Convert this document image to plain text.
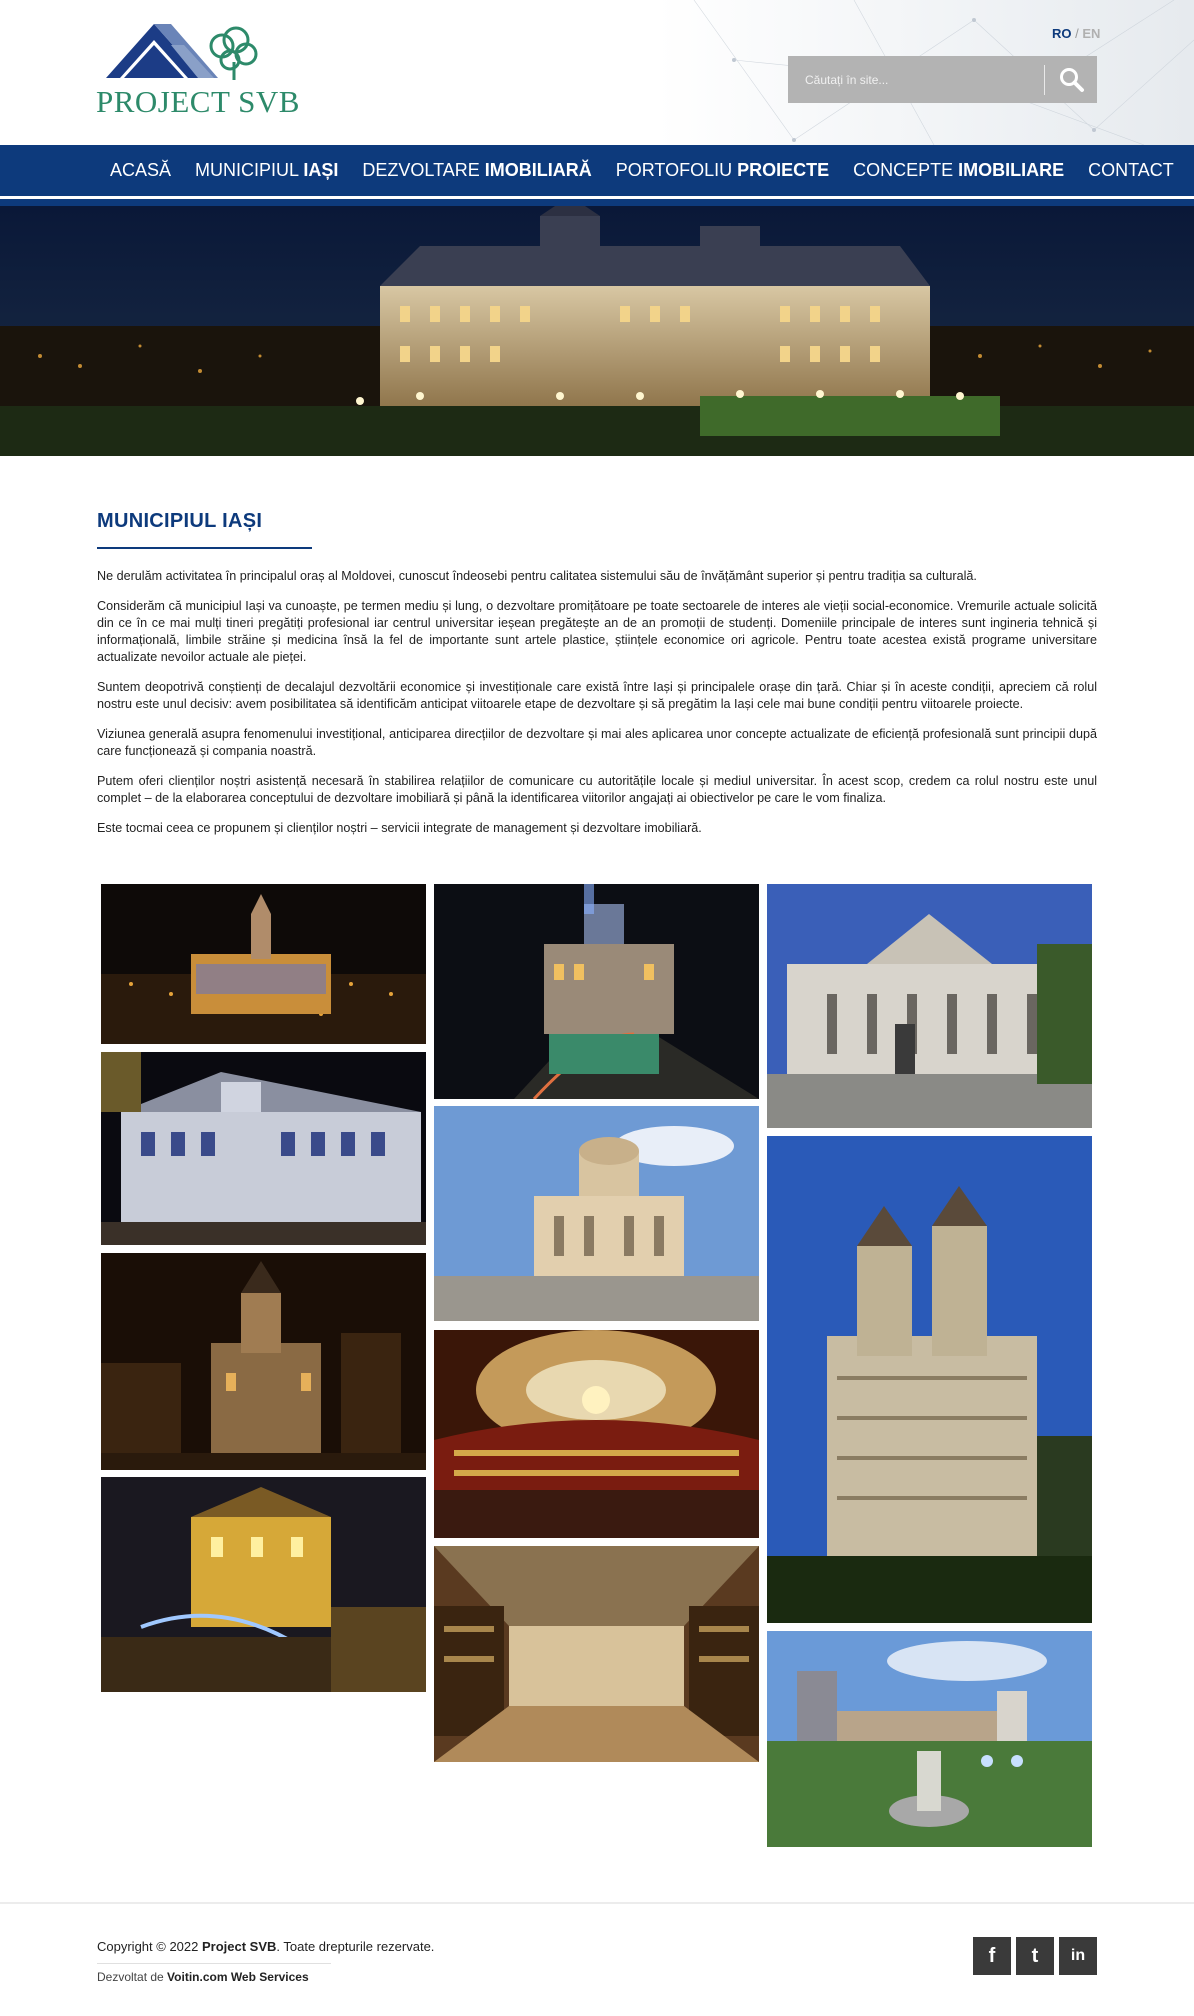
PROJECT SVB
RO / EN
Căutați în site...
ACASĂ MUNICIPIUL IAȘI DEZVOLTARE IMOBILIARĂ PORTOFOLIU PROIECTE CONCEPTE IMOBILIARE CONTACT
MUNICIPIUL IAȘI

Ne derulăm activitatea în principalul oraș al Moldovei, cunoscut îndeosebi pentru calitatea sistemului său de învățământ superior și pentru tradiția sa culturală.

Considerăm că municipiul Iași va cunoaște, pe termen mediu și lung, o dezvoltare promițătoare pe toate sectoarele de interes ale vieții social-economice. Vremurile actuale solicită din ce în ce mai mulți tineri pregătiți profesional iar centrul universitar ieșean pregătește an de an promoții de studenți. Domeniile principale de interes sunt ingineria tehnică și informațională, limbile străine și medicina însă la fel de importante sunt artele plastice, științele economice ori agricole. Pentru toate acestea există programe universitare actualizate nevoilor actuale ale pieței.

Suntem deopotrivă conștienți de decalajul dezvoltării economice și investiționale care există între Iași și principalele orașe din țară. Chiar și în aceste condiții, apreciem că rolul nostru este unul decisiv: avem posibilitatea să identificăm anticipat viitoarele etape de dezvoltare și să pregătim la Iași cele mai bune condiții pentru viitoarele proiecte.

Viziunea generală asupra fenomenului investițional, anticiparea direcțiilor de dezvoltare și mai ales aplicarea unor concepte actualizate de eficiență profesională sunt principii după care funcționează și compania noastră.

Putem oferi clienților noștri asistență necesară în stabilirea relațiilor de comunicare cu autoritățile locale și mediul universitar. În acest scop, credem ca rolul nostru este unul complet – de la elaborarea conceptului de dezvoltare imobiliară și până la identificarea viitorilor angajați ai obiectivelor pe care le vom finaliza.

Este tocmai ceea ce propunem și clienților noștri – servicii integrate de management și dezvoltare imobiliară.

Copyright © 2022 Project SVB. Toate drepturile rezervate.
Dezvoltat de Voitin.com Web Services
f t in
